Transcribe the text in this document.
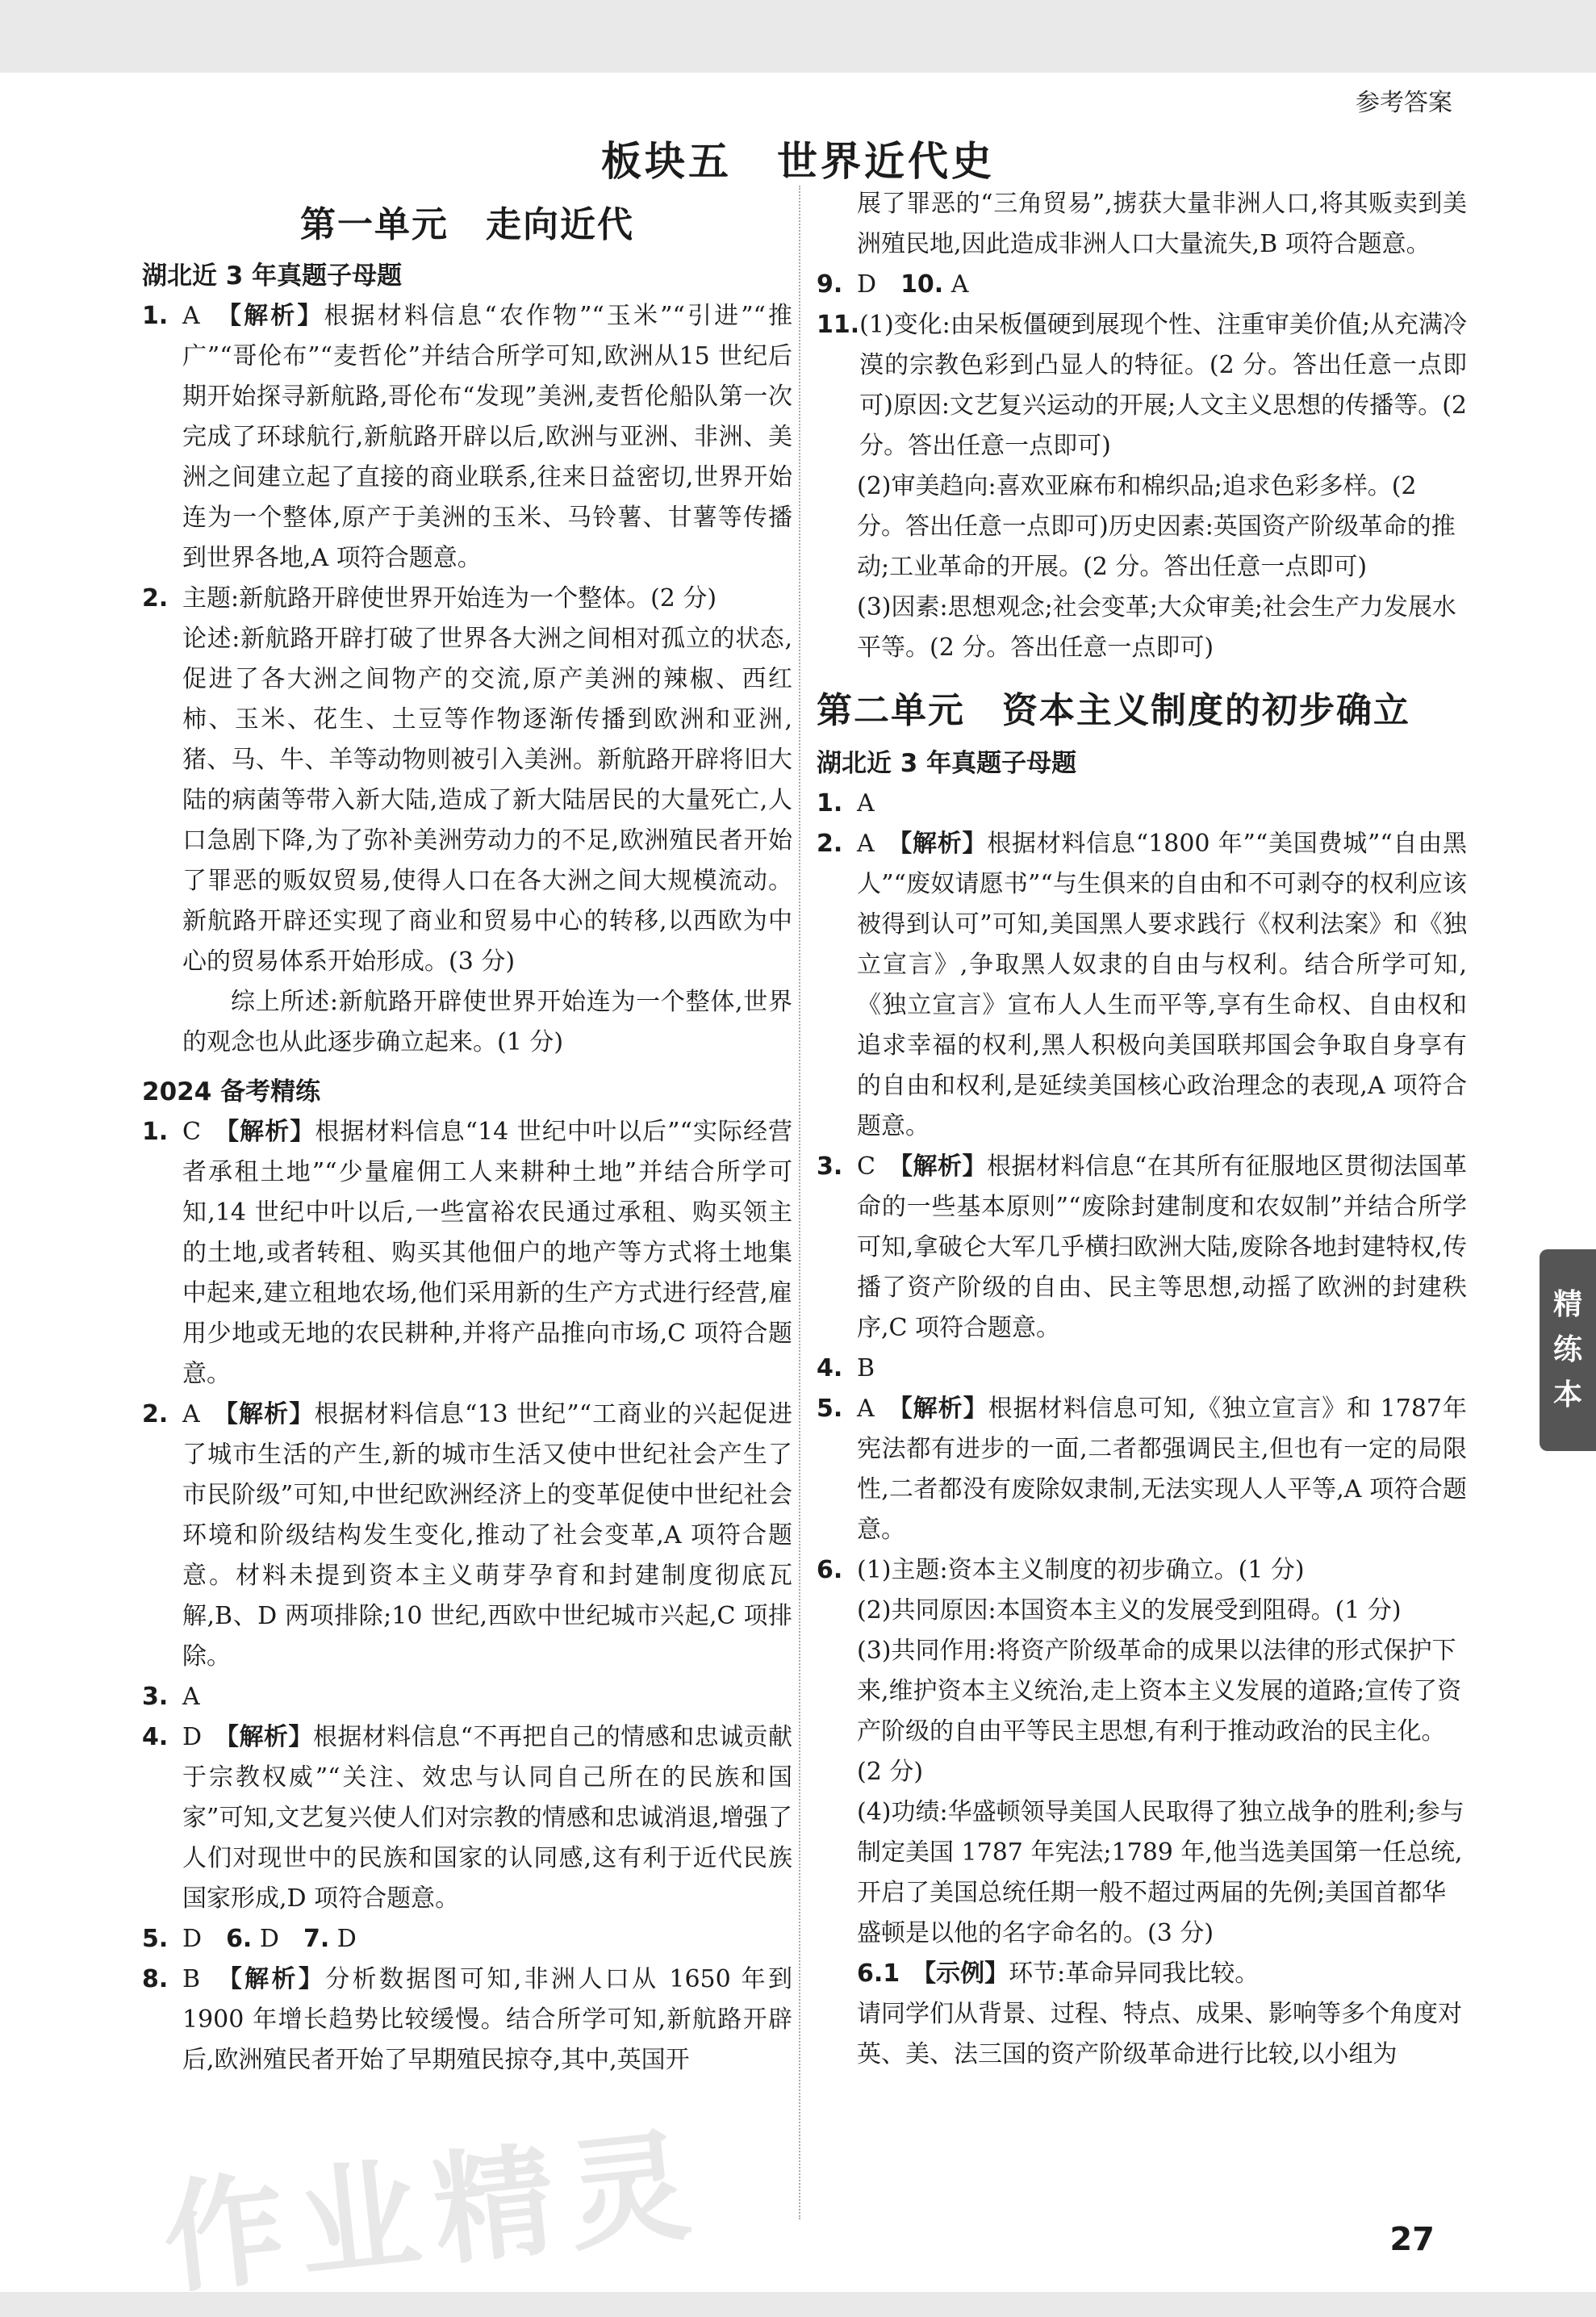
参考答案
板块五 世界近代史
第一单元　走向近代
湖北近 3 年真题子母题
1. A　 【解析】根据材料信息“农作物”“玉米”“引进”“推广”“哥伦布”“麦哲伦”并结合所学可知,欧洲从15 世纪后期开始探寻新航路,哥伦布“发现”美洲,麦哲伦船队第一次完成了环球航行,新航路开辟以后,欧洲与亚洲、非洲、美洲之间建立起了直接的商业联系,往来日益密切,世界开始连为一个整体,原产于美洲的玉米、马铃薯、甘薯等传播到世界各地,A 项符合题意。
2. 主题:新航路开辟使世界开始连为一个整体。(2 分)
论述:新航路开辟打破了世界各大洲之间相对孤立的状态,促进了各大洲之间物产的交流,原产美洲的辣椒、西红柿、玉米、花生、土豆等作物逐渐传播到欧洲和亚洲,猪、马、牛、羊等动物则被引入美洲。新航路开辟将旧大陆的病菌等带入新大陆,造成了新大陆居民的大量死亡,人口急剧下降,为了弥补美洲劳动力的不足,欧洲殖民者开始了罪恶的贩奴贸易,使得人口在各大洲之间大规模流动。新航路开辟还实现了商业和贸易中心的转移,以西欧为中心的贸易体系开始形成。(3 分)
综上所述:新航路开辟使世界开始连为一个整体,世界的观念也从此逐步确立起来。(1 分)
2024 备考精练
1. C　 【解析】根据材料信息“14 世纪中叶以后”“实际经营者承租土地”“少量雇佣工人来耕种土地”并结合所学可知,14 世纪中叶以后,一些富裕农民通过承租、购买领主的土地,或者转租、购买其他佃户的地产等方式将土地集中起来,建立租地农场,他们采用新的生产方式进行经营,雇用少地或无地的农民耕种,并将产品推向市场,C 项符合题意。
2. A　 【解析】根据材料信息“13 世纪”“工商业的兴起促进了城市生活的产生,新的城市生活又使中世纪社会产生了市民阶级”可知,中世纪欧洲经济上的变革促使中世纪社会环境和阶级结构发生变化,推动了社会变革,A 项符合题意。材料未提到资本主义萌芽孕育和封建制度彻底瓦解,B、D 两项排除;10 世纪,西欧中世纪城市兴起,C 项排除。
3. A
4. D　 【解析】根据材料信息“不再把自己的情感和忠诚贡献于宗教权威”“关注、效忠与认同自己所在的民族和国家”可知,文艺复兴使人们对宗教的情感和忠诚消退,增强了人们对现世中的民族和国家的认同感,这有利于近代民族国家形成,D 项符合题意。
5. D　 6. D　 7. D
8. B　 【解析】分析数据图可知,非洲人口从 1650 年到1900 年增长趋势比较缓慢。结合所学可知,新航路开辟后,欧洲殖民者开始了早期殖民掠夺,其中,英国开
展了罪恶的“三角贸易”,掳获大量非洲人口,将其贩卖到美洲殖民地,因此造成非洲人口大量流失,B 项符合题意。
9. D　 10. A
11. (1)变化:由呆板僵硬到展现个性、注重审美价值;从充满冷漠的宗教色彩到凸显人的特征。(2 分。答出任意一点即可)原因:文艺复兴运动的开展;人文主义思想的传播等。(2 分。答出任意一点即可)
(2)审美趋向:喜欢亚麻布和棉织品;追求色彩多样。(2 分。答出任意一点即可)历史因素:英国资产阶级革命的推动;工业革命的开展。(2 分。答出任意一点即可)
(3)因素:思想观念;社会变革;大众审美;社会生产力发展水平等。(2 分。答出任意一点即可)
第二单元　资本主义制度的初步确立
湖北近 3 年真题子母题
1. A
2. A　 【解析】根据材料信息“1800 年”“美国费城”“自由黑人”“废奴请愿书”“与生俱来的自由和不可剥夺的权利应该被得到认可”可知,美国黑人要求践行《权利法案》和《独立宣言》,争取黑人奴隶的自由与权利。结合所学可知,《独立宣言》宣布人人生而平等,享有生命权、自由权和追求幸福的权利,黑人积极向美国联邦国会争取自身享有的自由和权利,是延续美国核心政治理念的表现,A 项符合题意。
3. C　 【解析】根据材料信息“在其所有征服地区贯彻法国革命的一些基本原则”“废除封建制度和农奴制”并结合所学可知,拿破仑大军几乎横扫欧洲大陆,废除各地封建特权,传播了资产阶级的自由、民主等思想,动摇了欧洲的封建秩序,C 项符合题意。
4. B
5. A　 【解析】根据材料信息可知,《独立宣言》和 1787年宪法都有进步的一面,二者都强调民主,但也有一定的局限性,二者都没有废除奴隶制,无法实现人人平等,A 项符合题意。
6. (1)主题:资本主义制度的初步确立。(1 分)
(2)共同原因:本国资本主义的发展受到阻碍。(1 分)
(3)共同作用:将资产阶级革命的成果以法律的形式保护下来,维护资本主义统治,走上资本主义发展的道路;宣传了资产阶级的自由平等民主思想,有利于推动政治的民主化。(2 分)
(4)功绩:华盛顿领导美国人民取得了独立战争的胜利;参与制定美国 1787 年宪法;1789 年,他当选美国第一任总统,开启了美国总统任期一般不超过两届的先例;美国首都华盛顿是以他的名字命名的。(3 分)
6.1　 【示例】环节:革命异同我比较。
请同学们从背景、过程、特点、成果、影响等多个角度对英、美、法三国的资产阶级革命进行比较,以小组为
精
练
本
作业精灵	27
